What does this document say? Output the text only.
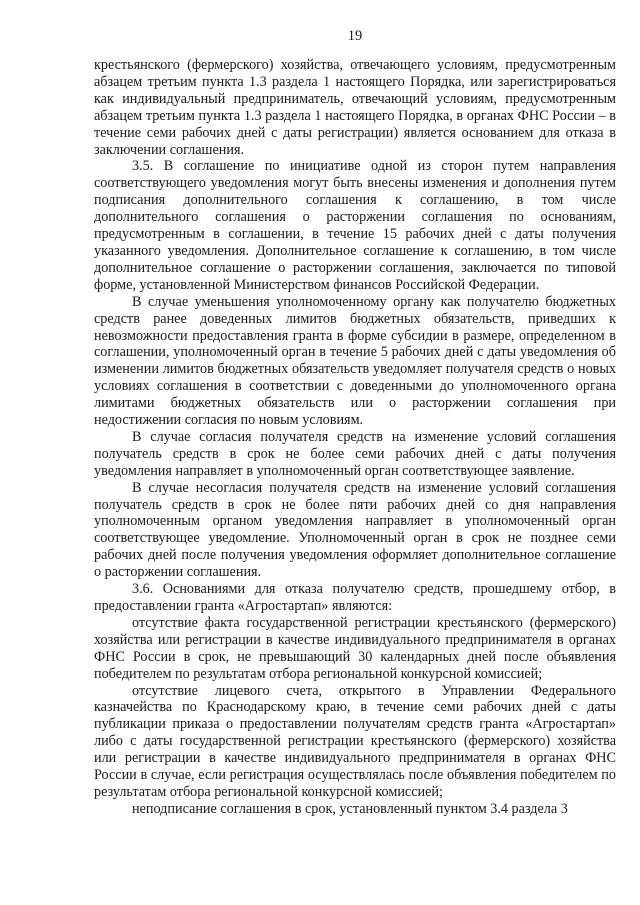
19

крестьянского (фермерского) хозяйства, отвечающего условиям, предусмотренным абзацем третьим пункта 1.3 раздела 1 настоящего Порядка, или зарегистрироваться как индивидуальный предприниматель, отвечающий условиям, предусмотренным абзацем третьим пункта 1.3 раздела 1 настоящего Порядка, в органах ФНС России – в течение семи рабочих дней с даты регистрации) является основанием для отказа в заключении соглашения.

3.5. В соглашение по инициативе одной из сторон путем направления соответствующего уведомления могут быть внесены изменения и дополнения путем подписания дополнительного соглашения к соглашению, в том числе дополнительного соглашения о расторжении соглашения по основаниям, предусмотренным в соглашении, в течение 15 рабочих дней с даты получения указанного уведомления. Дополнительное соглашение к соглашению, в том числе дополнительное соглашение о расторжении соглашения, заключается по типовой форме, установленной Министерством финансов Российской Федерации.

В случае уменьшения уполномоченному органу как получателю бюджетных средств ранее доведенных лимитов бюджетных обязательств, приведших к невозможности предоставления гранта в форме субсидии в размере, определенном в соглашении, уполномоченный орган в течение 5 рабочих дней с даты уведомления об изменении лимитов бюджетных обязательств уведомляет получателя средств о новых условиях соглашения в соответствии с доведенными до уполномоченного органа лимитами бюджетных обязательств или о расторжении соглашения при недостижении согласия по новым условиям.

В случае согласия получателя средств на изменение условий соглашения получатель средств в срок не более семи рабочих дней с даты получения уведомления направляет в уполномоченный орган соответствующее заявление.

В случае несогласия получателя средств на изменение условий соглашения получатель средств в срок не более пяти рабочих дней со дня направления уполномоченным органом уведомления направляет в уполномоченный орган соответствующее уведомление. Уполномоченный орган в срок не позднее семи рабочих дней после получения уведомления оформляет дополнительное соглашение о расторжении соглашения.

3.6. Основаниями для отказа получателю средств, прошедшему отбор, в предоставлении гранта «Агростартап» являются:

отсутствие факта государственной регистрации крестьянского (фермерского) хозяйства или регистрации в качестве индивидуального предпринимателя в органах ФНС России в срок, не превышающий 30 календарных дней после объявления победителем по результатам отбора региональной конкурсной комиссией;

отсутствие лицевого счета, открытого в Управлении Федерального казначейства по Краснодарскому краю, в течение семи рабочих дней с даты публикации приказа о предоставлении получателям средств гранта «Агростартап» либо с даты государственной регистрации крестьянского (фермерского) хозяйства или регистрации в качестве индивидуального предпринимателя в органах ФНС России в случае, если регистрация осуществлялась после объявления победителем по результатам отбора региональной конкурсной комиссией;

неподписание соглашения в срок, установленный пунктом 3.4 раздела 3
